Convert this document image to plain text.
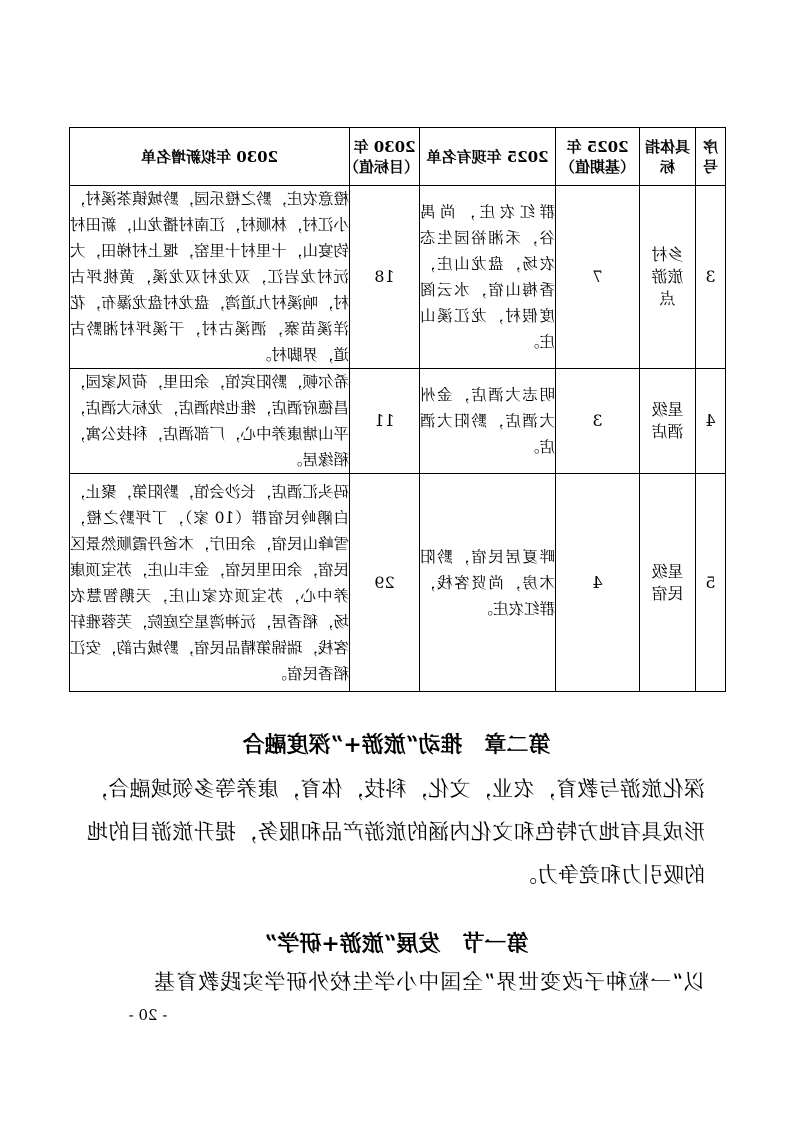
序号	具体指标	2025 年（基期值）	2025 年现有名单	2030 年（目标值）	2030 年拟新增名单
3	乡村旅游点	7	群红农庄，尚禺谷，禾湘裕园生态农场，盘龙山庄，香梅山宿，水云阁度假村，龙江溪山庄。	18	橙意农庄，黔之橙乐园，黔城镇茶溪村，小江村，林顺村，江南村播龙山，新田村钧宴山，十里村十里窑，堰上村梯田，大沅村龙岩江，双龙村双龙溪，黄桃坪古村，响溪村九道湾，盘龙村盘龙瀑布，花洋溪苗寨，洒溪古村，干溪坪村湘黔古道，界脚村。
4	星级酒店	3	明志大酒店，金州大酒店，黔阳大酒店。	11	希尔顿，黔阳宾馆，余田里，荷风家园，昌德府酒店，维也纳酒店，龙标大酒店，平山塘康养中心，厂部酒店，科技公寓，稻缘居。
5	星级民宿	4	畔夏居民宿，黔阳木房，尚贤客栈，群红农庄。	29	码头汇酒店，长沙会馆，黔阳第，聚止，白鹇岭民宿群（10 家），丁坪黔之橙，雪峰山民宿，余田庁，木爸丹霞顺然景区民宿，余田里民宿，金丰山庄，苏宝顶康养中心，苏宝顶农家山庄，天鹅智慧农场，稻香居，沅神湾星空庭院，芙蓉雅轩客栈，瑞锦第精品民宿，黔城古韵，安江稻香民宿。
第二章　推动“旅游+”深度融合
深化旅游与教育，农业，文化，科技，体育，康养等多领域融合，形成具有地方特色和文化内涵的旅游产品和服务，提升旅游目的地的吸引力和竞争力。
第一节　发展“旅游+研学”
以“一粒种子改变世界”全国中小学生校外研学实践教育基
- 20 -
